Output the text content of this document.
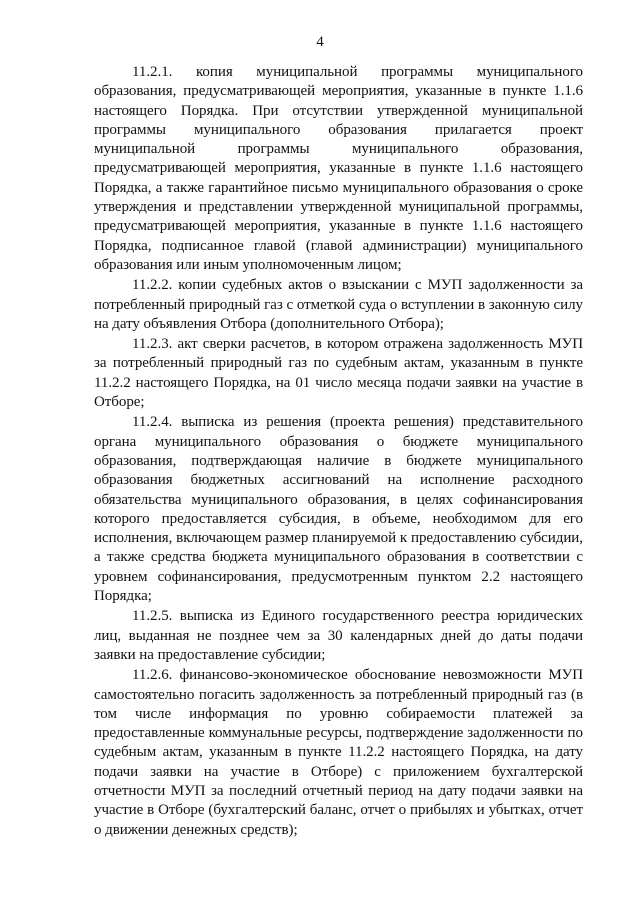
4

11.2.1. копия муниципальной программы муниципального образования, предусматривающей мероприятия, указанные в пункте 1.1.6 настоящего Порядка. При отсутствии утвержденной муниципальной программы муниципального образования прилагается проект муниципальной программы муниципального образования, предусматривающей мероприятия, указанные в пункте 1.1.6 настоящего Порядка, а также гарантийное письмо муниципального образования о сроке утверждения и представлении утвержденной муниципальной программы, предусматривающей мероприятия, указанные в пункте 1.1.6 настоящего Порядка, подписанное главой (главой администрации) муниципального образования или иным уполномоченным лицом;

11.2.2. копии судебных актов о взыскании с МУП задолженности за потребленный природный газ с отметкой суда о вступлении в законную силу на дату объявления Отбора (дополнительного Отбора);

11.2.3. акт сверки расчетов, в котором отражена задолженность МУП за потребленный природный газ по судебным актам, указанным в пункте 11.2.2 настоящего Порядка, на 01 число месяца подачи заявки на участие в Отборе;

11.2.4. выписка из решения (проекта решения) представительного органа муниципального образования о бюджете муниципального образования, подтверждающая наличие в бюджете муниципального образования бюджетных ассигнований на исполнение расходного обязательства муниципального образования, в целях софинансирования которого предоставляется субсидия, в объеме, необходимом для его исполнения, включающем размер планируемой к предоставлению субсидии, а также средства бюджета муниципального образования в соответствии с уровнем софинансирования, предусмотренным пунктом 2.2 настоящего Порядка;

11.2.5. выписка из Единого государственного реестра юридических лиц, выданная не позднее чем за 30 календарных дней до даты подачи заявки на предоставление субсидии;

11.2.6. финансово-экономическое обоснование невозможности МУП самостоятельно погасить задолженность за потребленный природный газ (в том числе информация по уровню собираемости платежей за предоставленные коммунальные ресурсы, подтверждение задолженности по судебным актам, указанным в пункте 11.2.2 настоящего Порядка, на дату подачи заявки на участие в Отборе) с приложением бухгалтерской отчетности МУП за последний отчетный период на дату подачи заявки на участие в Отборе (бухгалтерский баланс, отчет о прибылях и убытках, отчет о движении денежных средств);
